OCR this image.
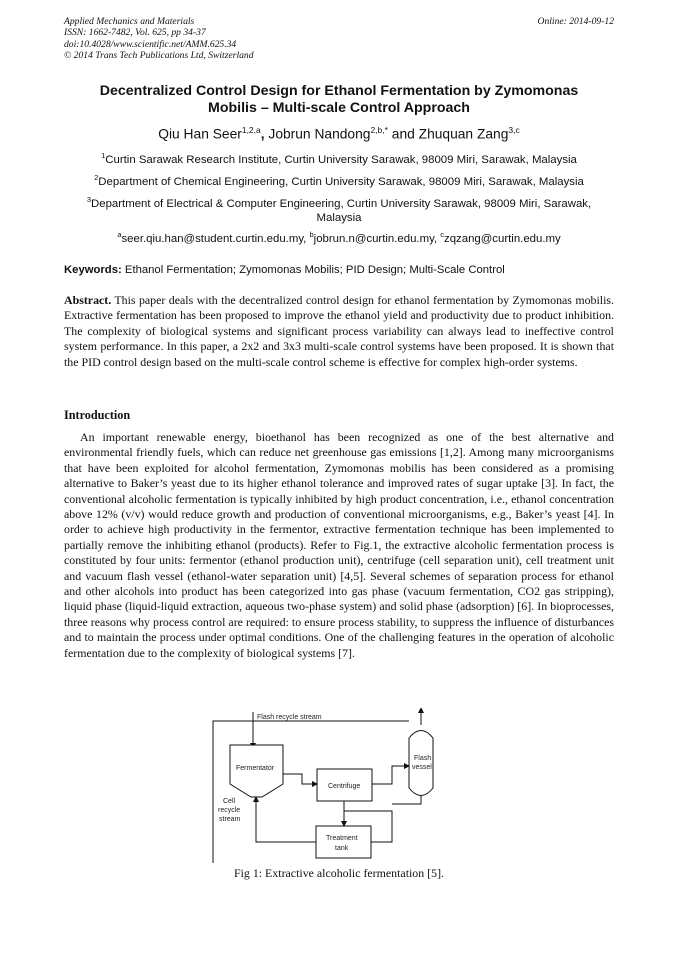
Applied Mechanics and Materials
ISSN: 1662-7482, Vol. 625, pp 34-37
doi:10.4028/www.scientific.net/AMM.625.34
© 2014 Trans Tech Publications Ltd, Switzerland
Online: 2014-09-12
Decentralized Control Design for Ethanol Fermentation by Zymomonas
Mobilis – Multi-scale Control Approach
Qiu Han Seer$^{1,2,a}$, Jobrun Nandong$^{2,b,*}$ and Zhuquan Zang$^{3,c}$
$^1$Curtin Sarawak Research Institute, Curtin University Sarawak, 98009 Miri, Sarawak, Malaysia
$^2$Department of Chemical Engineering, Curtin University Sarawak, 98009 Miri, Sarawak, Malaysia
$^3$Department of Electrical & Computer Engineering, Curtin University Sarawak, 98009 Miri, Sarawak,
Malaysia
$^a$seer.qiu.han@student.curtin.edu.my, $^b$jobrun.n@curtin.edu.my, $^c$zqzang@curtin.edu.my
Keywords: Ethanol Fermentation; Zymomonas Mobilis; PID Design; Multi-Scale Control
Abstract. This paper deals with the decentralized control design for ethanol fermentation by Zymomonas mobilis. Extractive fermentation has been proposed to improve the ethanol yield and productivity due to product inhibition. The complexity of biological systems and significant process variability can always lead to ineffective control system performance. In this paper, a 2x2 and 3x3 multi-scale control systems have been proposed. It is shown that the PID control design based on the multi-scale control scheme is effective for complex high-order systems.
Introduction
An important renewable energy, bioethanol has been recognized as one of the best alternative and environmental friendly fuels, which can reduce net greenhouse gas emissions [1,2]. Among many microorganisms that have been exploited for alcohol fermentation, Zymomonas mobilis has been considered as a promising alternative to Baker’s yeast due to its higher ethanol tolerance and improved rates of sugar uptake [3]. In fact, the conventional alcoholic fermentation is typically inhibited by high product concentration, i.e., ethanol concentration above 12% (v/v) would reduce growth and production of conventional microorganisms, e.g., Baker’s yeast [4]. In order to achieve high productivity in the fermentor, extractive fermentation technique has been implemented to partially remove the inhibiting ethanol (products). Refer to Fig.1, the extractive alcoholic fermentation process is constituted by four units: fermentor (ethanol production unit), centrifuge (cell separation unit), cell treatment unit and vacuum flash vessel (ethanol-water separation unit) [4,5]. Several schemes of separation process for ethanol and other alcohols into product has been categorized into gas phase (vacuum fermentation, CO2 gas stripping), liquid phase (liquid-liquid extraction, aqueous two-phase system) and solid phase (adsorption) [6]. In bioprocesses, three reasons why process control are required: to ensure process stability, to suppress the influence of disturbances and to maintain the process under optimal conditions. One of the challenging features in the operation of alcoholic fermentation due to the complexity of biological systems [7].
Flash recycle stream
Fermentator
Flash
vessel
Centrifuge
Treatment
tank
Cell
recycle
stream
Fig 1: Extractive alcoholic fermentation [5].
